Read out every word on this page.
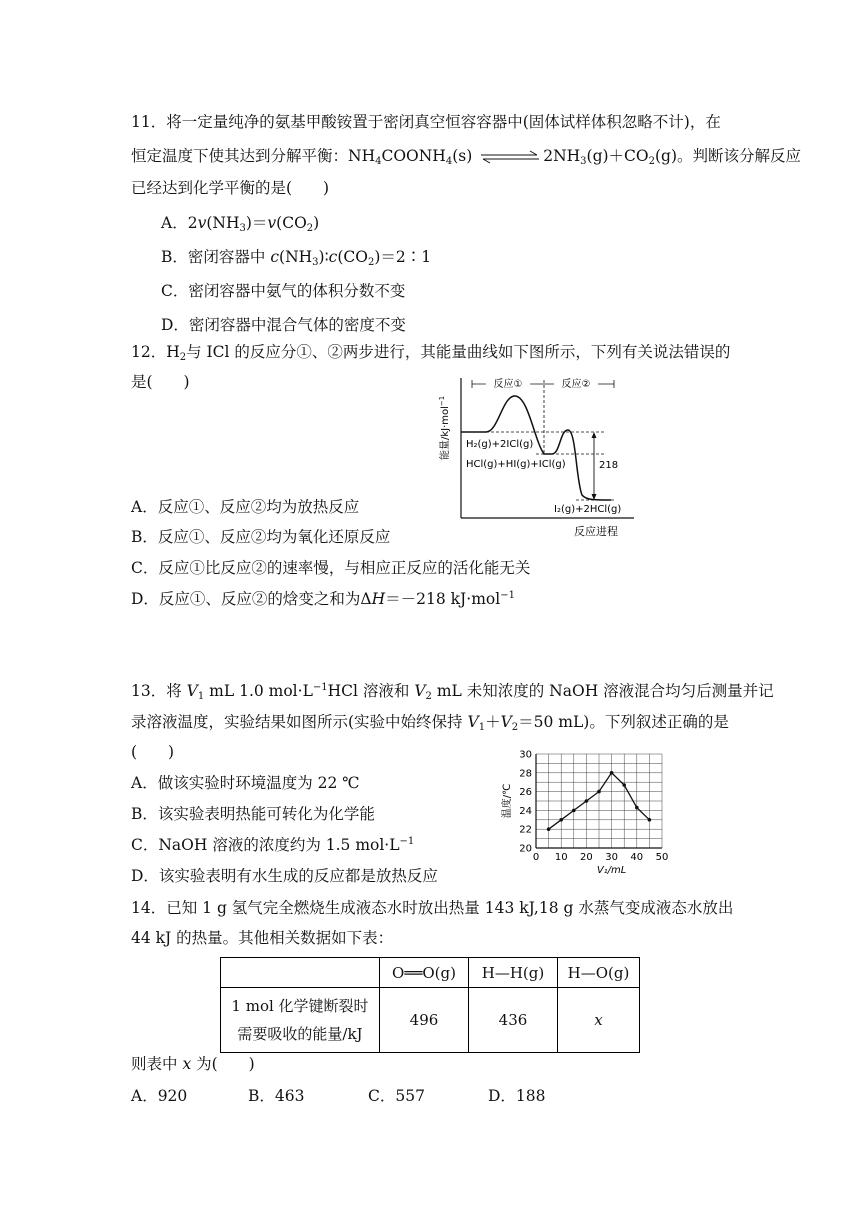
11．将一定量纯净的氨基甲酸铵置于密闭真空恒容容器中(固体试样体积忽略不计)，在
恒定温度下使其达到分解平衡：$NH_4COONH_4(s)$ ⇌ $2NH_3(g)+CO_2(g)$。判断该分解反应
已经达到化学平衡的是(　　)
A．$2v(NH_3)=v(CO_2)$
B．密闭容器中 $c(NH_3)∶c(CO_2)=2∶1$
C．密闭容器中氨气的体积分数不变
D．密闭容器中混合气体的密度不变
12．$H_2$与 ICl 的反应分①、②两步进行，其能量曲线如下图所示，下列有关说法错误的
是(　　)
能量/kJ·mol$^{-1}$
反应①	反应②
218
H₂(g)+2ICl(g)
HCl(g)+HI(g)+ICl(g)
I₂(g)+2HCl(g)
反应进程
A．反应①、反应②均为放热反应
B．反应①、反应②均为氧化还原反应
C．反应①比反应②的速率慢，与相应正反应的活化能无关
D．反应①、反应②的焓变之和为ΔH＝－218 kJ·mol$^{-1}$
13．将 $V_1$ mL 1.0 $mol\cdot L^{-1}HCl$ 溶液和 $V_2$ mL 未知浓度的 NaOH 溶液混合均匀后测量并记
录溶液温度，实验结果如图所示(实验中始终保持 $V_1+V_2=50$ mL)。下列叙述正确的是
(　　)
A．做该实验时环境温度为 22 ℃
B．该实验表明热能可转化为化学能
C．NaOH 溶液的浓度约为 1.5 $mol\cdot L^{-1}$
D．该实验表明有水生成的反应都是放热反应
0 10 20 30 40 50
20
22
24
26
28
30
V₁/mL
温度/℃
14．已知 1 g 氢气完全燃烧生成液态水时放出热量 143 kJ,18 g 水蒸气变成液态水放出
44 kJ 的热量。其他相关数据如下表：
	O══O(g)	H—H(g)	H—O(g)
1 mol 化学键断裂时
需要吸收的能量/kJ	496	436	x
则表中 x 为(　　)
A．920	B．463	C．557	D．188
